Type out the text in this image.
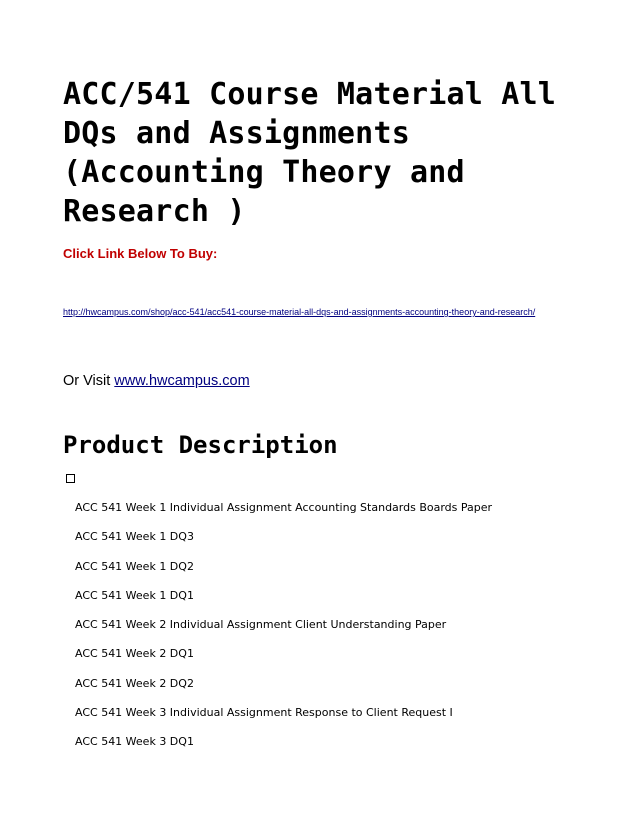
ACC/541 Course Material All DQs and Assignments (Accounting Theory and Research )
Click Link Below To Buy:
http://hwcampus.com/shop/acc-541/acc541-course-material-all-dqs-and-assignments-accounting-theory-and-research/
Or Visit www.hwcampus.com
Product Description
ACC 541 Week 1 Individual Assignment Accounting Standards Boards Paper
ACC 541 Week 1 DQ3
ACC 541 Week 1 DQ2
ACC 541 Week 1 DQ1
ACC 541 Week 2 Individual Assignment Client Understanding Paper
ACC 541 Week 2 DQ1
ACC 541 Week 2 DQ2
ACC 541 Week 3 Individual Assignment Response to Client Request I
ACC 541 Week 3 DQ1
